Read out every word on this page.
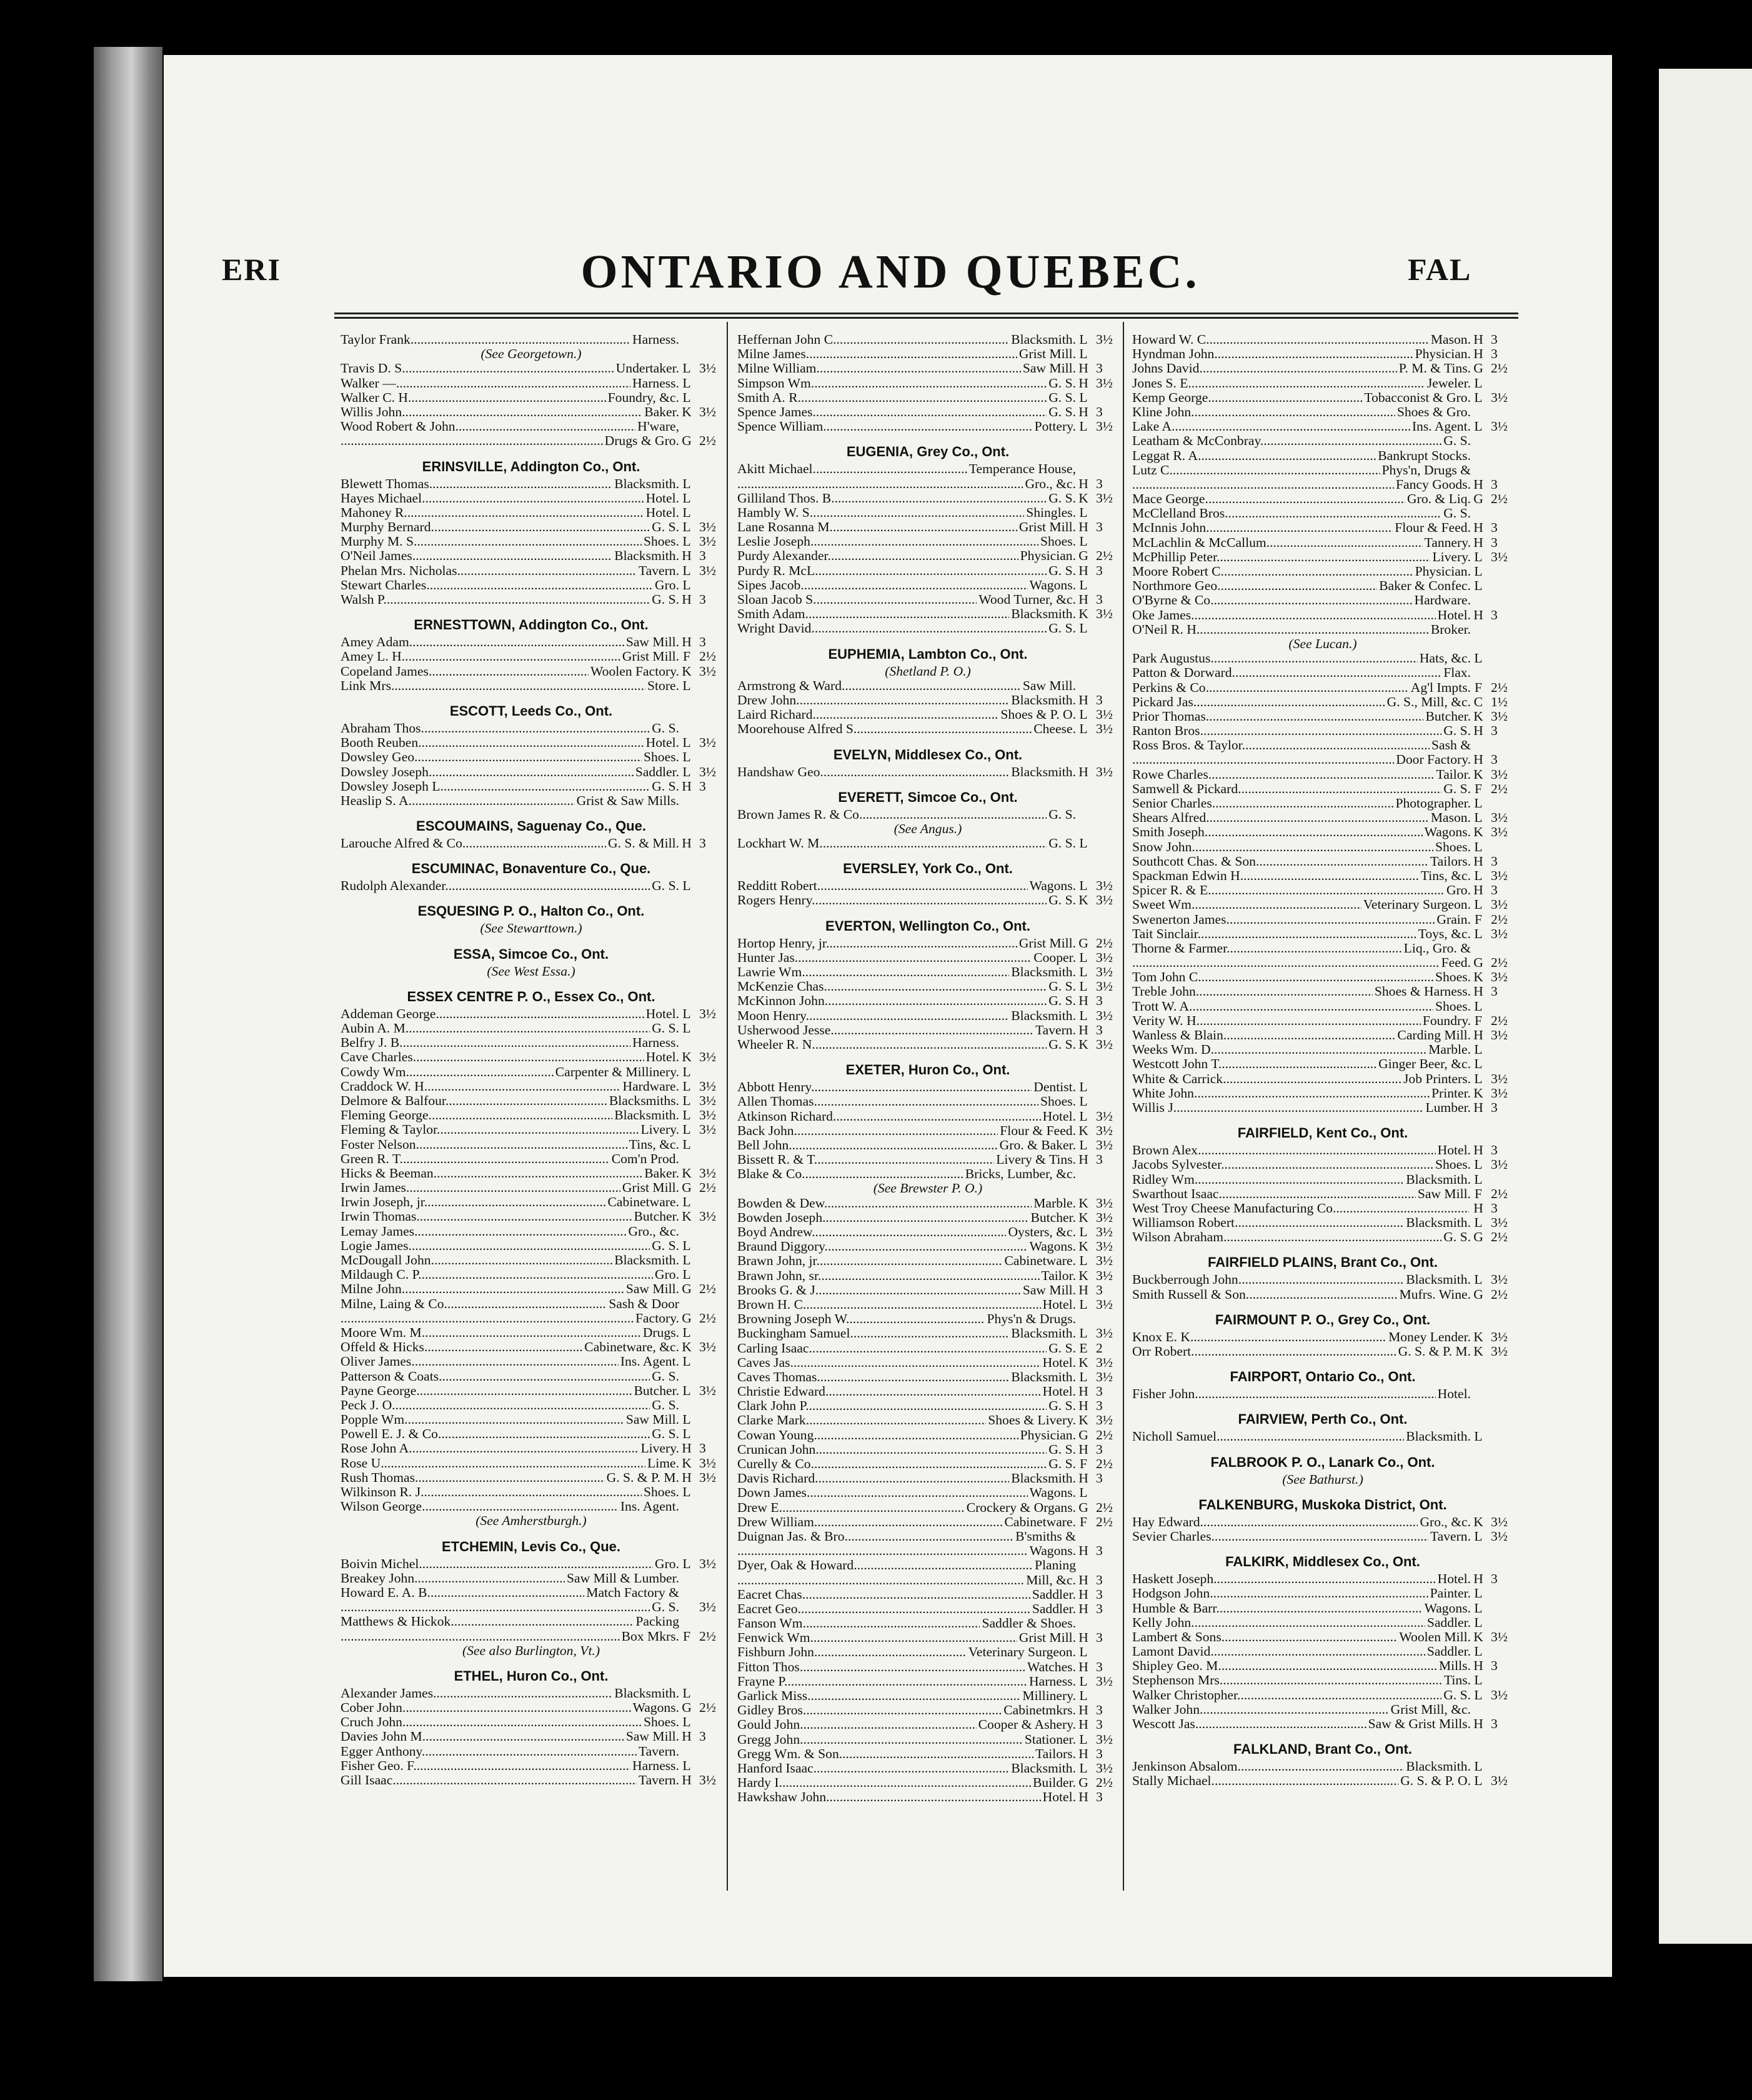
ERI	ONTARIO AND QUEBEC.	FAL
Taylor Frank .....	Harness.
(See Georgetown.)
Travis D. S .....	Undertaker. L 3½
Walker — .....	Harness. L
Walker C. H .....	Foundry, &c. L
Willis John .....	Baker. K 3½
Wood Robert & John .....	H'ware,
.....
Drugs & Gro. G 2½
ERINSVILLE, Addington Co., Ont.
Blewett Thomas .....	Blacksmith. L
Hayes Michael .....	Hotel. L
Mahoney R .....	Hotel. L
Murphy Bernard .....	G. S. L 3½
Murphy M. S .....	Shoes. L 3½
O'Neil James .....	Blacksmith. H 3
Phelan Mrs. Nicholas .....	Tavern. L 3½
Stewart Charles .....	Gro. L
Walsh P .....	G. S. H 3
ERNESTTOWN, Addington Co., Ont.
Amey Adam .....	Saw Mill. H 3
Amey L. H .....	Grist Mill. F 2½
Copeland James .....	Woolen Factory. K 3½
Link Mrs .....	Store. L
ESCOTT, Leeds Co., Ont.
Abraham Thos .....	G. S.
Booth Reuben .....	Hotel. L 3½
Dowsley Geo .....	Shoes. L
Dowsley Joseph .....	Saddler. L 3½
Dowsley Joseph L .....	G. S. H 3
Heaslip S. A .....	Grist & Saw Mills.
ESCOUMAINS, Saguenay Co., Que.
Larouche Alfred & Co .....	G. S. & Mill. H 3
ESCUMINAC, Bonaventure Co., Que.
Rudolph Alexander .....	G. S. L
ESQUESING P. O., Halton Co., Ont.
(See Stewarttown.)
ESSA, Simcoe Co., Ont.
(See West Essa.)
ESSEX CENTRE P. O., Essex Co., Ont.
Addeman George .....	Hotel. L 3½
Aubin A. M .....	G. S. L
Belfry J. B .....	Harness.
Cave Charles .....	Hotel. K 3½
Cowdy Wm .....	Carpenter & Millinery. L
Craddock W. H .....	Hardware. L 3½
Delmore & Balfour .....	Blacksmiths. L 3½
Fleming George .....	Blacksmith. L 3½
Fleming & Taylor .....	Livery. L 3½
Foster Nelson .....	Tins, &c. L
Green R. T .....	Com'n Prod.
Hicks & Beeman .....	Baker. K 3½
Irwin James .....	Grist Mill. G 2½
Irwin Joseph, jr .....	Cabinetware. L
Irwin Thomas .....	Butcher. K 3½
Lemay James .....	Gro., &c.
Logie James .....	G. S. L
McDougall John .....	Blacksmith. L
Mildaugh C. P .....	Gro. L
Milne John .....	Saw Mill. G 2½
Milne, Laing & Co .....	Sash & Door
.....
Factory. G 2½
Moore Wm. M .....	Drugs. L
Offeld & Hicks .....	Cabinetware, &c. K 3½
Oliver James .....	Ins. Agent. L
Patterson & Coats .....	G. S.
Payne George .....	Butcher. L 3½
Peck J. O .....	G. S.
Popple Wm .....	Saw Mill. L
Powell E. J. & Co .....	G. S. L
Rose John A .....	Livery. H 3
Rose U .....	Lime. K 3½
Rush Thomas .....	G. S. & P. M. H 3½
Wilkinson R. J .....	Shoes. L
Wilson George .....	Ins. Agent.
(See Amherstburgh.)
ETCHEMIN, Levis Co., Que.
Boivin Michel .....	Gro. L 3½
Breakey John .....	Saw Mill & Lumber.
Howard E. A. B .....	Match Factory &
.....
G. S.	3½
Matthews & Hickok .....	Packing
.....
Box Mkrs. F 2½
(See also Burlington, Vt.)
ETHEL, Huron Co., Ont.
Alexander James .....	Blacksmith. L
Cober John .....	Wagons. G 2½
Cruch John .....	Shoes. L
Davies John M .....	Saw Mill. H 3
Egger Anthony .....	Tavern.
Fisher Geo. F .....	Harness. L
Gill Isaac .....	Tavern. H 3½
Heffernan John C .....	Blacksmith. L 3½
Milne James .....	Grist Mill. L
Milne William .....	Saw Mill. H 3
Simpson Wm .....	G. S. H 3½
Smith A. R .....	G. S. L
Spence James .....	G. S. H 3
Spence William .....	Pottery. L 3½
EUGENIA, Grey Co., Ont.
Akitt Michael .....	Temperance House,
.....
Gro., &c. H 3
Gilliland Thos. B .....	G. S. K 3½
Hambly W. S .....	Shingles. L
Lane Rosanna M .....	Grist Mill. H 3
Leslie Joseph .....	Shoes. L
Purdy Alexander .....	Physician. G 2½
Purdy R. McL .....	G. S. H 3
Sipes Jacob .....	Wagons. L
Sloan Jacob S .....	Wood Turner, &c. H 3
Smith Adam .....	Blacksmith. K 3½
Wright David .....	G. S. L
EUPHEMIA, Lambton Co., Ont.
(Shetland P. O.)
Armstrong & Ward .....	Saw Mill.
Drew John .....	Blacksmith. H 3
Laird Richard .....	Shoes & P. O. L 3½
Moorehouse Alfred S .....	Cheese. L 3½
EVELYN, Middlesex Co., Ont.
Handshaw Geo .....	Blacksmith. H 3½
EVERETT, Simcoe Co., Ont.
Brown James R. & Co .....	G. S.
(See Angus.)
Lockhart W. M .....	G. S. L
EVERSLEY, York Co., Ont.
Redditt Robert .....	Wagons. L 3½
Rogers Henry .....	G. S. K 3½
EVERTON, Wellington Co., Ont.
Hortop Henry, jr .....	Grist Mill. G 2½
Hunter Jas .....	Cooper. L 3½
Lawrie Wm .....	Blacksmith. L 3½
McKenzie Chas .....	G. S. L 3½
McKinnon John .....	G. S. H 3
Moon Henry .....	Blacksmith. L 3½
Usherwood Jesse .....	Tavern. H 3
Wheeler R. N .....	G. S. K 3½
EXETER, Huron Co., Ont.
Abbott Henry .....	Dentist. L
Allen Thomas .....	Shoes. L
Atkinson Richard .....	Hotel. L 3½
Back John .....	Flour & Feed. K 3½
Bell John .....	Gro. & Baker. L 3½
Bissett R. & T .....	Livery & Tins. H 3
Blake & Co .....	Bricks, Lumber, &c.
(See Brewster P. O.)
Bowden & Dew .....	Marble. K 3½
Bowden Joseph .....	Butcher. K 3½
Boyd Andrew .....	Oysters, &c. L 3½
Braund Diggory .....	Wagons. K 3½
Brawn John, jr .....	Cabinetware. L 3½
Brawn John, sr .....	Tailor. K 3½
Brooks G. & J .....	Saw Mill. H 3
Brown H. C .....	Hotel. L 3½
Browning Joseph W. .....	Phys'n & Drugs.
Buckingham Samuel .....	Blacksmith. L 3½
Carling Isaac .....	G. S. E 2
Caves Jas .....	Hotel. K 3½
Caves Thomas .....	Blacksmith. L 3½
Christie Edward .....	Hotel. H 3
Clark John P .....	G. S. H 3
Clarke Mark .....	Shoes & Livery. K 3½
Cowan Young .....	Physician. G 2½
Crunican John .....	G. S. H 3
Curelly & Co .....	G. S. F 2½
Davis Richard .....	Blacksmith. H 3
Down James .....	Wagons. L
Drew E .....	Crockery & Organs. G 2½
Drew William .....	Cabinetware. F 2½
Duignan Jas. & Bro .....	B'smiths &
.....
Wagons. H 3
Dyer, Oak & Howard .....	Planing
.....
Mill, &c. H 3
Eacret Chas .....	Saddler. H 3
Eacret Geo .....	Saddler. H 3
Fanson Wm .....	Saddler & Shoes.
Fenwick Wm .....	Grist Mill. H 3
Fishburn John .....	Veterinary Surgeon. L
Fitton Thos .....	Watches. H 3
Frayne P .....	Harness. L 3½
Garlick Miss .....	Millinery. L
Gidley Bros .....	Cabinetmkrs. H 3
Gould John .....	Cooper & Ashery. H 3
Gregg John .....	Stationer. L 3½
Gregg Wm. & Son .....	Tailors. H 3
Hanford Isaac .....	Blacksmith. L 3½
Hardy I .....	Builder. G 2½
Hawkshaw John .....	Hotel. H 3
Howard W. C .....	Mason. H 3
Hyndman John .....	Physician. H 3
Johns David .....	P. M. & Tins. G 2½
Jones S. E .....	Jeweler. L
Kemp George .....	Tobacconist & Gro. L 3½
Kline John .....	Shoes & Gro.
Lake A .....	Ins. Agent. L 3½
Leatham & McConbray .....	G. S.
Leggat R. A .....	Bankrupt Stocks.
Lutz C .....	Phys'n, Drugs &
.....
Fancy Goods. H 3
Mace George .....	Gro. & Liq. G 2½
McClelland Bros .....	G. S.
McInnis John .....	Flour & Feed. H 3
McLachlin & McCallum .....	Tannery. H 3
McPhillip Peter .....	Livery. L 3½
Moore Robert C .....	Physician. L
Northmore Geo .....	Baker & Confec. L
O'Byrne & Co .....	Hardware.
Oke James .....	Hotel. H 3
O'Neil R. H .....	Broker.
(See Lucan.)
Park Augustus .....	Hats, &c. L
Patton & Dorward .....	Flax.
Perkins & Co .....	Ag'l Impts. F 2½
Pickard Jas .....	G. S., Mill, &c. C 1½
Prior Thomas .....	Butcher. K 3½
Ranton Bros .....	G. S. H 3
Ross Bros. & Taylor .....	Sash &
.....
Door Factory. H 3
Rowe Charles .....	Tailor. K 3½
Samwell & Pickard .....	G. S. F 2½
Senior Charles .....	Photographer. L
Shears Alfred .....	Mason. L 3½
Smith Joseph .....	Wagons. K 3½
Snow John .....	Shoes. L
Southcott Chas. & Son .....	Tailors. H 3
Spackman Edwin H .....	Tins, &c. L 3½
Spicer R. & E .....	Gro. H 3
Sweet Wm .....	Veterinary Surgeon. L 3½
Swenerton James .....	Grain. F 2½
Tait Sinclair .....	Toys, &c. L 3½
Thorne & Farmer .....	Liq., Gro. &
.....
Feed. G 2½
Tom John C .....	Shoes. K 3½
Treble John .....	Shoes & Harness. H 3
Trott W. A .....	Shoes. L
Verity W. H .....	Foundry. F 2½
Wanless & Blain .....	Carding Mill. H 3½
Weeks Wm. D .....	Marble. L
Westcott John T .....	Ginger Beer, &c. L
White & Carrick .....	Job Printers. L 3½
White John .....	Printer. K 3½
Willis J .....	Lumber. H 3
FAIRFIELD, Kent Co., Ont.
Brown Alex .....	Hotel. H 3
Jacobs Sylvester .....	Shoes. L 3½
Ridley Wm .....	Blacksmith. L
Swarthout Isaac .....	Saw Mill. F 2½
West Troy Cheese Manufacturing Co. .....	H 3
Williamson Robert .....	Blacksmith. L 3½
Wilson Abraham .....	G. S. G 2½
FAIRFIELD PLAINS, Brant Co., Ont.
Buckberrough John .....	Blacksmith. L 3½
Smith Russell & Son .....	Mufrs. Wine. G 2½
FAIRMOUNT P. O., Grey Co., Ont.
Knox E. K .....	Money Lender. K 3½
Orr Robert .....	G. S. & P. M. K 3½
FAIRPORT, Ontario Co., Ont.
Fisher John .....	Hotel.
FAIRVIEW, Perth Co., Ont.
Nicholl Samuel .....	Blacksmith. L
FALBROOK P. O., Lanark Co., Ont.
(See Bathurst.)
FALKENBURG, Muskoka District, Ont.
Hay Edward .....	Gro., &c. K 3½
Sevier Charles .....	Tavern. L 3½
FALKIRK, Middlesex Co., Ont.
Haskett Joseph .....	Hotel. H 3
Hodgson John .....	Painter. L
Humble & Barr .....	Wagons. L
Kelly John .....	Saddler. L
Lambert & Sons .....	Woolen Mill. K 3½
Lamont David .....	Saddler. L
Shipley Geo. M .....	Mills. H 3
Stephenson Mrs .....	Tins. L
Walker Christopher .....	G. S. L 3½
Walker John .....	Grist Mill, &c.
Wescott Jas .....	Saw & Grist Mills. H 3
FALKLAND, Brant Co., Ont.
Jenkinson Absalom .....	Blacksmith. L
Stally Michael .....	G. S. & P. O. L 3½
